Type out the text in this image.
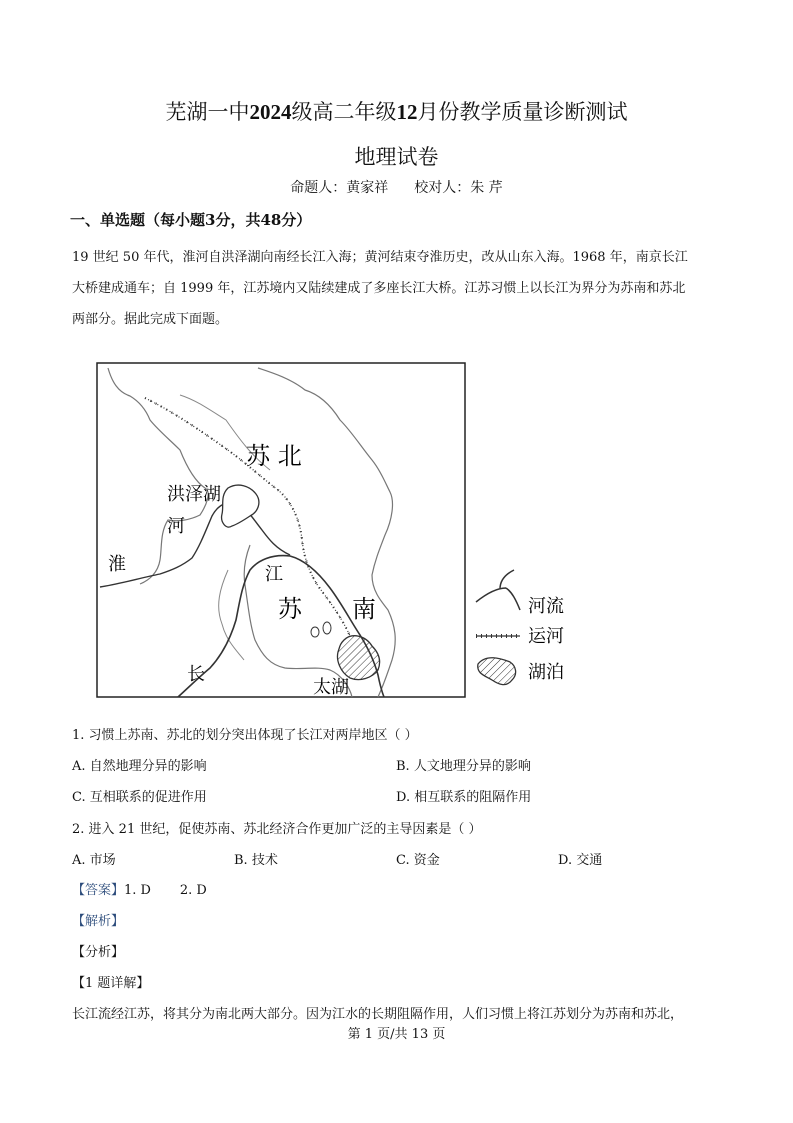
芜湖一中2024级高二年级12月份教学质量诊断测试
地理试卷
命题人：黄家祥 校对人：朱 芹
一、单选题（每小题3分，共48分）
19 世纪 50 年代，淮河自洪泽湖向南经长江入海；黄河结束夺淮历史，改从山东入海。1968 年，南京长江
大桥建成通车；自 1999 年，江苏境内又陆续建成了多座长江大桥。江苏习惯上以长江为界分为苏南和苏北
两部分。据此完成下面题。
苏 北
洪泽湖
河
淮	江
苏 南
长
太湖
河流
运河
湖泊
1. 习惯上苏南、苏北的划分突出体现了长江对两岸地区（ ）
A. 自然地理分异的影响	B. 人文地理分异的影响
C. 互相联系的促进作用	D. 相互联系的阻隔作用
2. 进入 21 世纪，促使苏南、苏北经济合作更加广泛的主导因素是（ ）
A. 市场	B. 技术	C. 资金	D. 交通
【答案】1. D       2. D
【解析】
【分析】
【1 题详解】
长江流经江苏，将其分为南北两大部分。因为江水的长期阻隔作用，人们习惯上将江苏划分为苏南和苏北，
第 1 页/共 13 页
